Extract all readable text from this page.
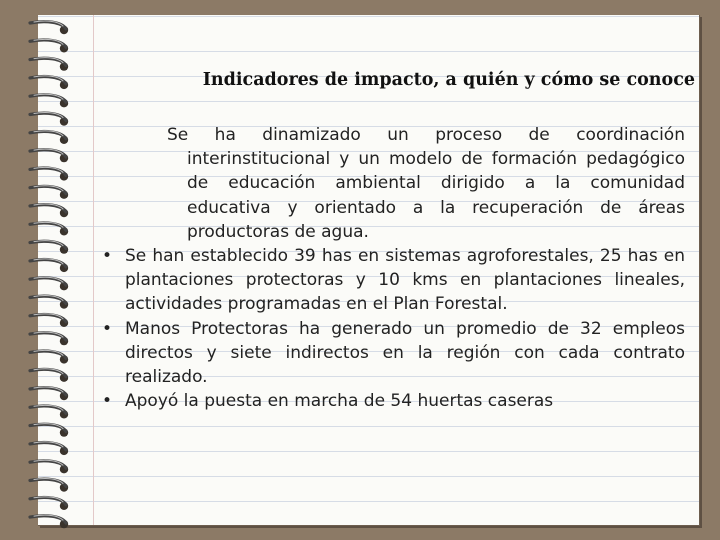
Indicadores de impacto, a quién y cómo se conoce
Se ha dinamizado un proceso de coordinación interinstitucional y un modelo de formación pedagógico de educación ambiental dirigido a la comunidad educativa y orientado a la recuperación de áreas productoras de agua.
• Se han establecido 39 has en sistemas agroforestales, 25 has en plantaciones protectoras y 10 kms en plantaciones lineales, actividades programadas en el Plan Forestal.
• Manos Protectoras ha generado un promedio de 32 empleos directos y siete indirectos en la región con cada contrato realizado.
• Apoyó la puesta en marcha de 54 huertas caseras
